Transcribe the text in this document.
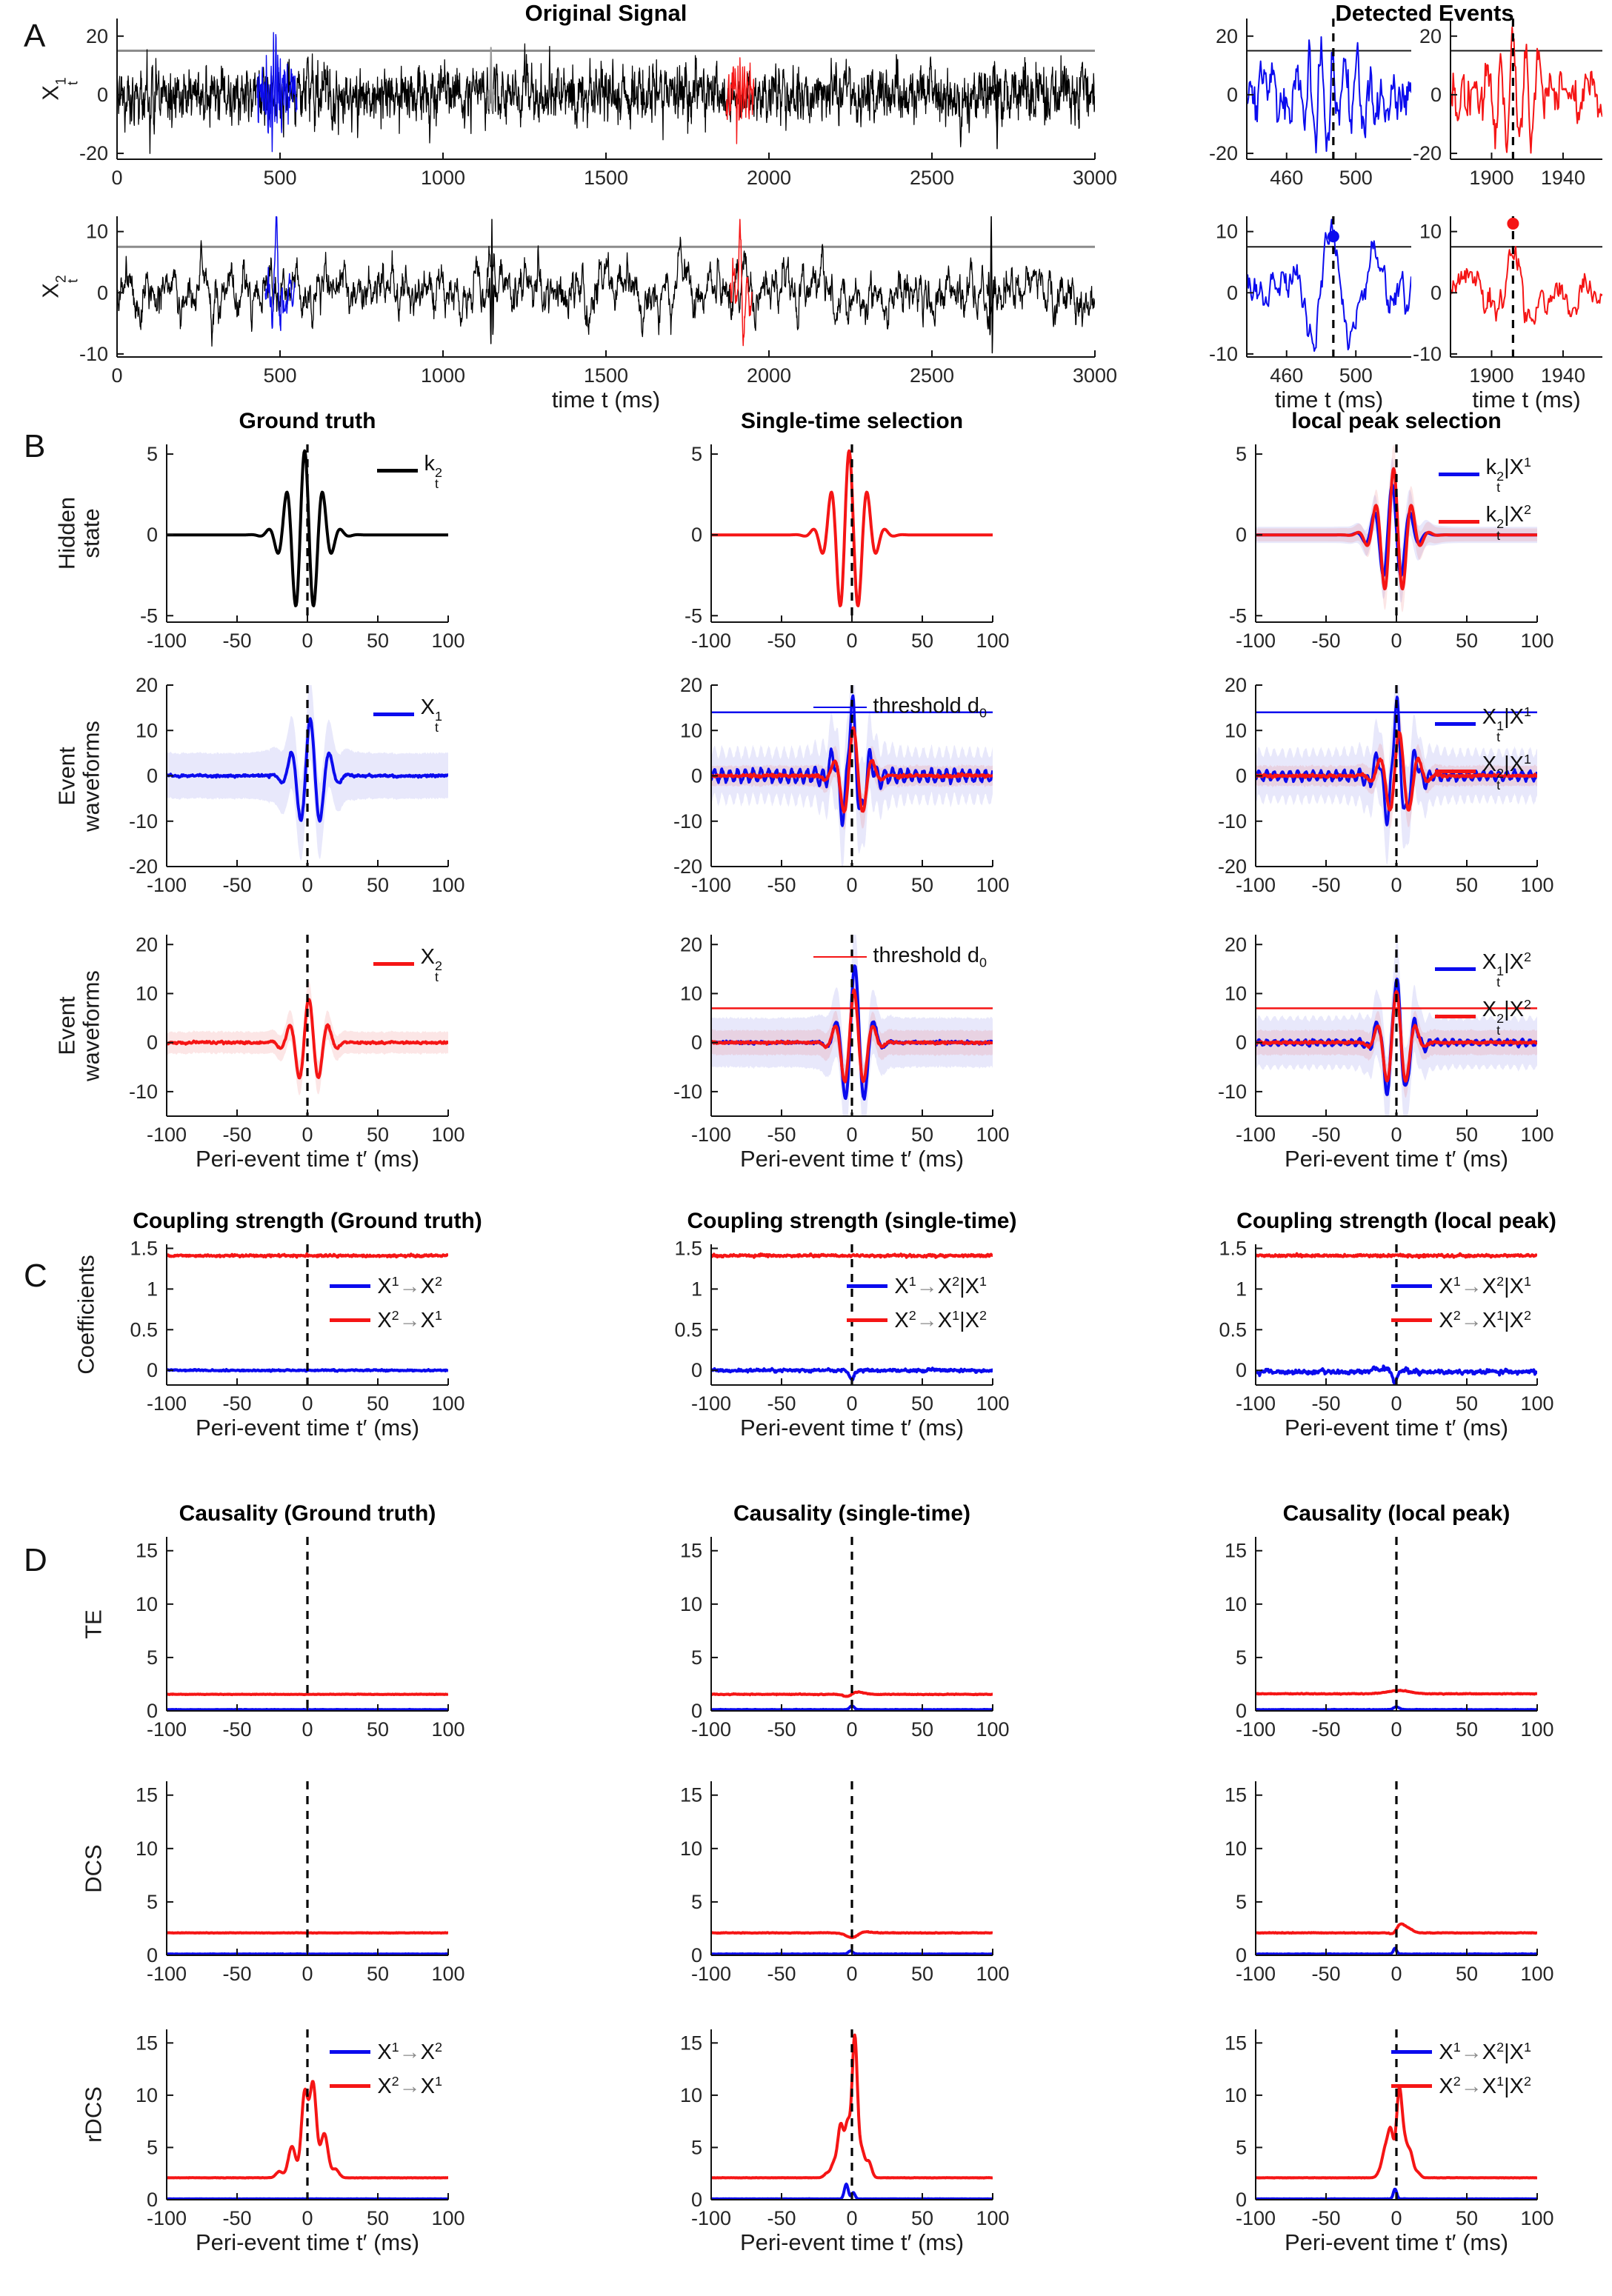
A
B
C
D
Original Signal	Detected Events
0	500	1000	1500	2000	2500	3000
-20
0
20
X
1
t
0	500	1000	1500	2000	2500	3000
-10
0
10
time t (ms)
X
2
t
460 500
-20
0
20
1900 1940
-20
0
20
460 500
-10
0
10
time t (ms)
1900 1940
-10
0
10
time t (ms)
-100 -50	0	50 100
-5
0
5
Ground truth
Hidden
state
k 2
t
-100 -50	0	50 100
-5
0
5
Single-time selection
-100 -50	0	50 100
-5
0
5
local peak selection
k 2
t
$|X^1$
k 2
t
$|X^2$
-100 -50	0	50 100
-20
-10
0
10
20
Event
waveforms
X 1
t
-100 -50	0	50 100
-20
-10
0
10
20
threshold $d_0$
-100 -50	0	50 100
-20
-10
0
10
20
X 1
t
$|X^1$
X 2
t
$|X^1$
-100 -50	0	50 100
-10
0
10
20
Peri-event time t′ (ms)
Event
waveforms
X 2
t
-100 -50	0	50 100
-10
0
10
20
Peri-event time t′ (ms)
threshold $d_0$
-100 -50	0	50 100
-10
0
10
20
Peri-event time t′ (ms)
X 1
t
$|X^2$
X 2
t
$|X^2$
-100 -50	0	50 100
0
0.5
1
1.5
Coupling strength (Ground truth)
Peri-event time t′ (ms)
Coefficients	$X^1\to X^2$
$X^2\to X^1$
-100 -50	0	50 100
0
0.5
1
1.5
Coupling strength (single-time)
Peri-event time t′ (ms)
$X^1\to X^2|X^1$
$X^2\to X^1|X^2$
-100 -50	0	50 100
0
0.5
1
1.5
Coupling strength (local peak)
Peri-event time t′ (ms)
$X^1\to X^2|X^1$
$X^2\to X^1|X^2$
-100 -50	0	50 100
0
5
10
15
Causality (Ground truth)
TE
-100 -50	0	50 100
0
5
10
15
Causality (single-time)
-100 -50	0	50 100
0
5
10
15
Causality (local peak)
-100 -50	0	50 100
0
5
10
15
DCS
-100 -50	0	50 100
0
5
10
15
-100 -50	0	50 100
0
5
10
15
-100 -50	0	50 100
0
5
10
15
Peri-event time t′ (ms)
rDCS
$X^1\to X^2$
$X^2\to X^1$
-100 -50	0	50 100
0
5
10
15
Peri-event time t′ (ms)
-100 -50	0	50 100
0
5
10
15
Peri-event time t′ (ms)
$X^1\to X^2|X^1$
$X^2\to X^1|X^2$
